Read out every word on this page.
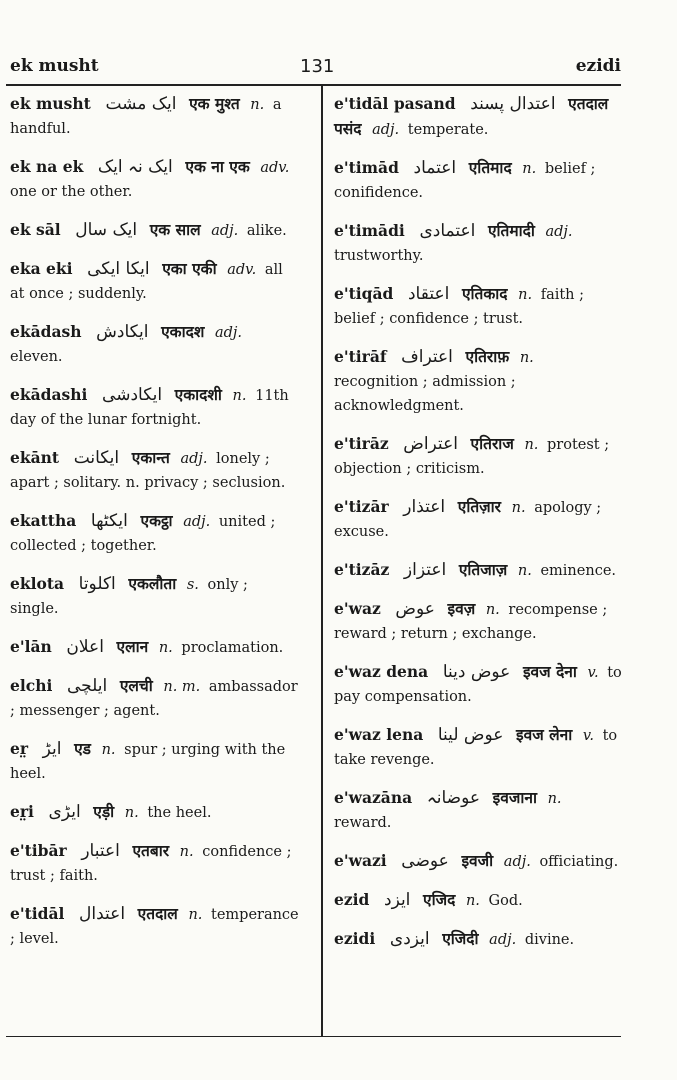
ek musht	131	ezidi
ek musht ایک مشت एक मुश्त n. a handful.
ek na ek ایک نہ ایک एक ना एक adv. one or the other.
ek sāl ایک سال एक साल adj. alike.
eka eki ایکا ایکی एका एकी adv. all at once ; suddenly.
ekādash ایکادش एकादश adj. eleven.
ekādashi ایکادشی एकादशी n. 11th day of the lunar fortnight.
ekānt ایکانت एकान्त adj. lonely ; apart ; solitary. n. privacy ; seclusion.
ekattha ایکٹھا एकट्ठा adj. united ; collected ; together.
eklota اکلوتا एकलौता s. only ; single.
e'lān اعلان एलान n. proclamation.
elchi ایلچی एलची n. m. ambassador ; messenger ; agent.
er̤ ایڑ एड n. spur ; urging with the heel.
er̤i ایڑی एड़ी n. the heel.
e'tibār اعتبار एतबार n. confidence ; trust ; faith.
e'tidāl اعتدال एतदाल n. temperance ; level.
e'tidāl pasand اعتدال پسند एतदाल पसंद adj. temperate.
e'timād اعتماد एतिमाद n. belief ; conifidence.
e'timādi اعتمادی एतिमादी adj. trustworthy.
e'tiqād اعتقاد एतिकाद n. faith ; belief ; confidence ; trust.
e'tirāf اعتراف एतिराफ़ n. recognition ; admission ; acknowledgment.
e'tirāz اعتراض एतिराज n. protest ; objection ; criticism.
e'tizār اعتذار एतिज़ार n. apology ; excuse.
e'tizāz اعتزاز एतिजाज़ n. eminence.
e'waz عوض इवज़ n. recompense ; reward ; return ; exchange.
e'waz dena عوض دینا इवज देना v. to pay compensation.
e'waz lena عوض لینا इवज लेना v. to take revenge.
e'wazāna عوضانہ इवजाना n. reward.
e'wazi عوضی इवजी adj. officiating.
ezid ایزد एजिद n. God.
ezidi ایزدی एजिदी adj. divine.
